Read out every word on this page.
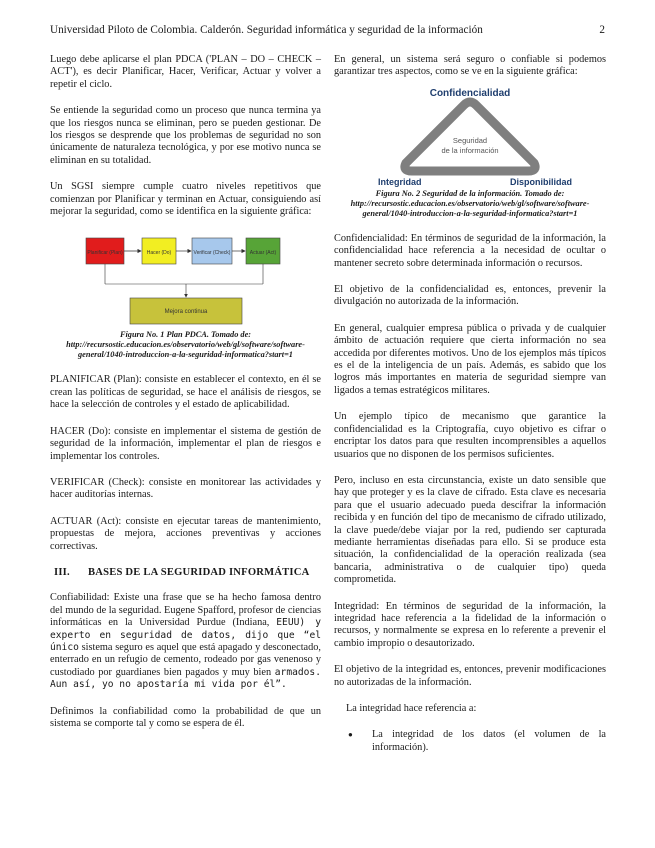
Universidad Piloto de Colombia. Calderón. Seguridad informática y seguridad de la información	2

Luego debe aplicarse el plan PDCA ('PLAN – DO – CHECK – ACT'), es decir Planificar, Hacer, Verificar, Actuar y volver a repetir el ciclo.

Se entiende la seguridad como un proceso que nunca termina ya que los riesgos nunca se eliminan, pero se pueden gestionar. De los riesgos se desprende que los problemas de seguridad no son únicamente de naturaleza tecnológica, y por ese motivo nunca se eliminan en su totalidad.

Un SGSI siempre cumple cuatro niveles repetitivos que comienzan por Planificar y terminan en Actuar, consiguiendo así mejorar la seguridad, como se identifica en la siguiente gráfica:

Planificar (Plan)	Hacer (Do)	Verificar (Check)	Actuar (Act)
Mejora continua
Figura No. 1 Plan PDCA. Tomado de: http://recursostic.educacion.es/observatorio/web/gl/software/software-general/1040-introduccion-a-la-seguridad-informatica?start=1

PLANIFICAR (Plan): consiste en establecer el contexto, en él se crean las políticas de seguridad, se hace el análisis de riesgos, se hace la selección de controles y el estado de aplicabilidad.

HACER (Do): consiste en implementar el sistema de gestión de seguridad de la información, implementar el plan de riesgos e implementar los controles.

VERIFICAR (Check): consiste en monitorear las actividades y hacer auditorías internas.

ACTUAR (Act): consiste en ejecutar tareas de mantenimiento, propuestas de mejora, acciones preventivas y acciones correctivas.

III. BASES DE LA SEGURIDAD INFORMÁTICA

Confiabilidad: Existe una frase que se ha hecho famosa dentro del mundo de la seguridad. Eugene Spafford, profesor de ciencias informáticas en la Universidad Purdue (Indiana, EEUU) y experto en seguridad de datos, dijo que “el único sistema seguro es aquel que está apagado y desconectado, enterrado en un refugio de cemento, rodeado por gas venenoso y custodiado por guardianes bien pagados y muy bien armados. Aun así, yo no apostaría mi vida por él”.

Definimos la confiabilidad como la probabilidad de que un sistema se comporte tal y como se espera de él.

En general, un sistema será seguro o confiable si podemos garantizar tres aspectos, como se ve en la siguiente gráfica:

Confidencialidad
Seguridad
de la información
Integridad	Disponibilidad
Figura No. 2 Seguridad de la información. Tomado de: http://recursostic.educacion.es/observatorio/web/gl/software/software-general/1040-introduccion-a-la-seguridad-informatica?start=1

Confidencialidad: En términos de seguridad de la información, la confidencialidad hace referencia a la necesidad de ocultar o mantener secreto sobre determinada información o recursos.

El objetivo de la confidencialidad es, entonces, prevenir la divulgación no autorizada de la información.

En general, cualquier empresa pública o privada y de cualquier ámbito de actuación requiere que cierta información no sea accedida por diferentes motivos. Uno de los ejemplos más típicos es el de la inteligencia de un país. Además, es sabido que los logros más importantes en materia de seguridad siempre van ligados a temas estratégicos militares.

Un ejemplo típico de mecanismo que garantice la confidencialidad es la Criptografía, cuyo objetivo es cifrar o encriptar los datos para que resulten incomprensibles a aquellos usuarios que no disponen de los permisos suficientes.

Pero, incluso en esta circunstancia, existe un dato sensible que hay que proteger y es la clave de cifrado. Esta clave es necesaria para que el usuario adecuado pueda descifrar la información recibida y en función del tipo de mecanismo de cifrado utilizado, la clave puede/debe viajar por la red, pudiendo ser capturada mediante herramientas diseñadas para ello. Si se produce esta situación, la confidencialidad de la operación realizada (sea bancaria, administrativa o de cualquier tipo) queda comprometida.

Integridad: En términos de seguridad de la información, la integridad hace referencia a la fidelidad de la información o recursos, y normalmente se expresa en lo referente a prevenir el cambio impropio o desautorizado.

El objetivo de la integridad es, entonces, prevenir modificaciones no autorizadas de la información.

La integridad hace referencia a:

● La integridad de los datos (el volumen de la información).
